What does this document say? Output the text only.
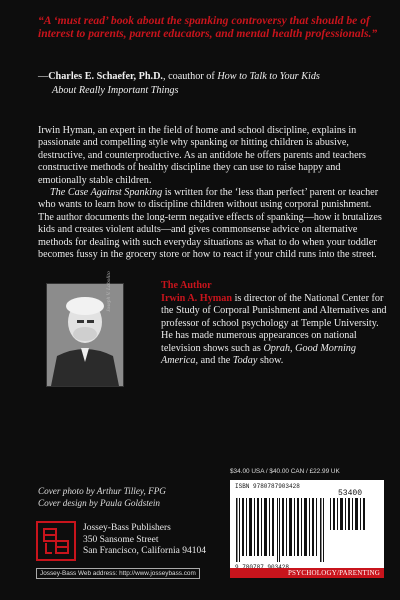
“A ‘must read’ book about the spanking controversy that should be of interest to parents, parent educators, and mental health professionals.”
—Charles E. Schaefer, Ph.D., coauthor of How to Talk to Your Kids
About Really Important Things

Irwin Hyman, an expert in the field of home and school discipline, explains in passionate and compelling style why spanking or hitting children is abusive, destructive, and counterproductive. As an antidote he offers parents and teachers constructive methods of healthy discipline they can use to raise happy and emotionally stable children.

The Case Against Spanking is written for the ‘less than perfect’ parent or teacher who wants to learn how to discipline children without using corporal punishment. The author documents the long-term negative effects of spanking—how it brutalizes kids and creates violent adults—and gives commonsense advice on alternative methods for dealing with such everyday situations as what to do when your toddler becomes fussy in the grocery store or how to react if your child runs into the street.

Joseph V. Labolito	The Author
Irwin A. Hyman is director of the National Center for the Study of Corporal Punishment and Alternatives and professor of school psychology at Temple University. He has made numerous appearances on national television shows such as Oprah, Good Morning America, and the Today show.
Cover photo by Arthur Tilley, FPG
Cover design by Paula Goldstein
Jossey-Bass Publishers
350 Sansome Street
San Francisco, California 94104
Jossey-Bass Web address: http://www.josseybass.com
$34.00 USA / $40.00 CAN / £22.99 UK
ISBN 9780787903428
53400
PSYCHOLOGY/PARENTING
